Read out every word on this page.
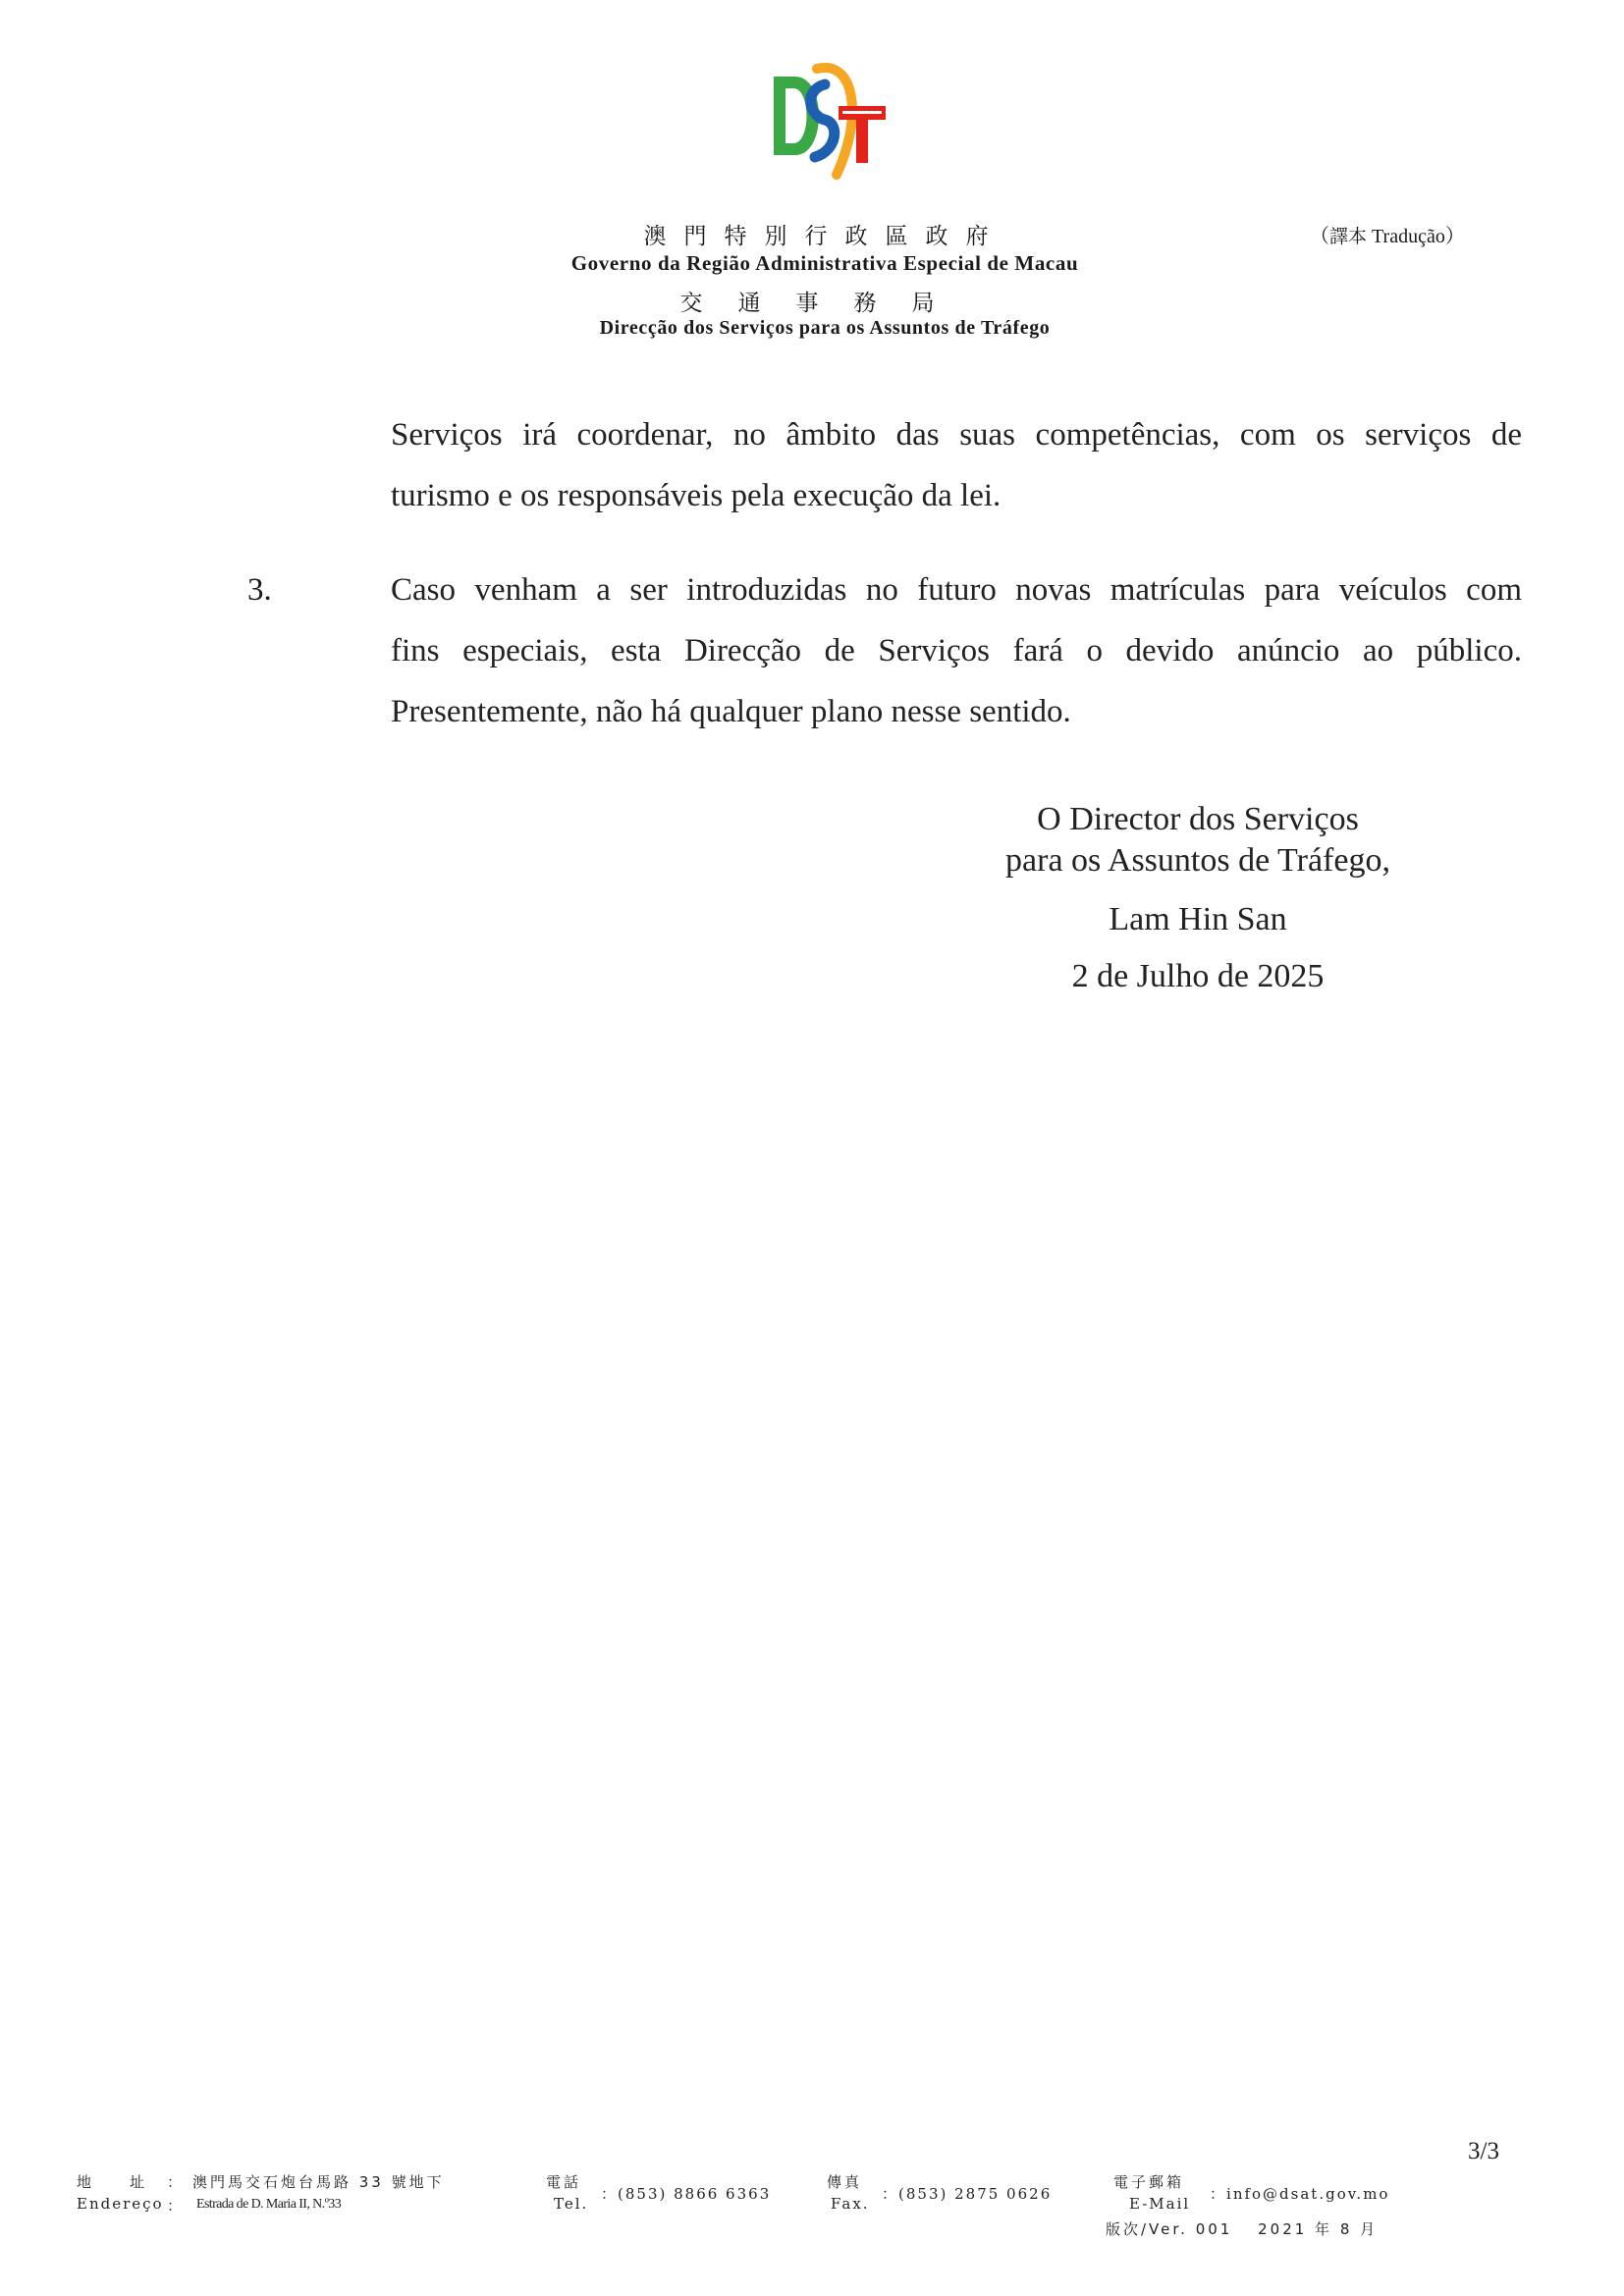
澳門特別行政區政府
Governo da Região Administrativa Especial de Macau
交通事務局
Direcção dos Serviços para os Assuntos de Tráfego
（譯本 Tradução）
Serviços irá coordenar, no âmbito das suas competências, com os serviços de
turismo e os responsáveis pela execução da lei.
3.	Caso venham a ser introduzidas no futuro novas matrículas para veículos com
fins especiais, esta Direcção de Serviços fará o devido anúncio ao público.
Presentemente, não há qualquer plano nesse sentido.
O Director dos Serviços
para os Assuntos de Tráfego,
Lam Hin San
2 de Julho de 2025
3/3
地　　址 ： 澳門馬交石炮台馬路 33 號地下
Endereço ： Estrada de D. Maria II, N.º33
電話
Tel.
：(853) 8866 6363
傳真
Fax.
：(853) 2875 0626
電子郵箱
E-Mail
：info@dsat.gov.mo
版次/Ver. 001　 2021 年 8 月
